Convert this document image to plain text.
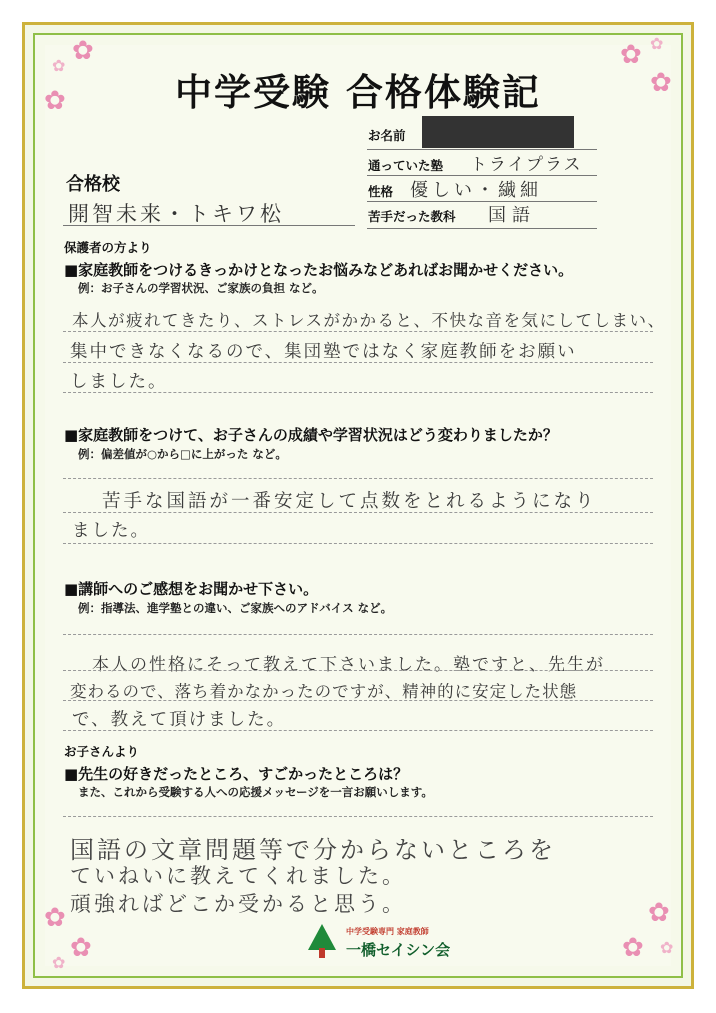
✿
✿
✿
✿ ✿
✿
✿
✿
✿
✿
✿ ✿
中学受験 合格体験記
お名前
通っていた塾 トライプラス
性格 優しい・繊細
苦手だった教科 国語
合格校
開智未来・トキワ松
保護者の方より
■家庭教師をつけるきっかけとなったお悩みなどあればお聞かせください。
例：お子さんの学習状況、ご家族の負担 など。
本人が疲れてきたり、ストレスがかかると、不快な音を気にしてしまい、
集中できなくなるので、集団塾ではなく家庭教師をお願い
しました。
■家庭教師をつけて、お子さんの成績や学習状況はどう変わりましたか？
例：偏差値が○から□に上がった など。
苦手な国語が一番安定して点数をとれるようになり
ました。
■講師へのご感想をお聞かせ下さい。
例：指導法、進学塾との違い、ご家族へのアドバイス など。
本人の性格にそって教えて下さいました。塾ですと、先生が
変わるので、落ち着かなかったのですが、精神的に安定した状態
で、教えて頂けました。
お子さんより
■先生の好きだったところ、すごかったところは？
また、これから受験する人への応援メッセージを一言お願いします。
国語の文章問題等で分からないところを
ていねいに教えてくれました。
頑強ればどこか受かると思う。
中学受験専門 家庭教師
一橋セイシン会
